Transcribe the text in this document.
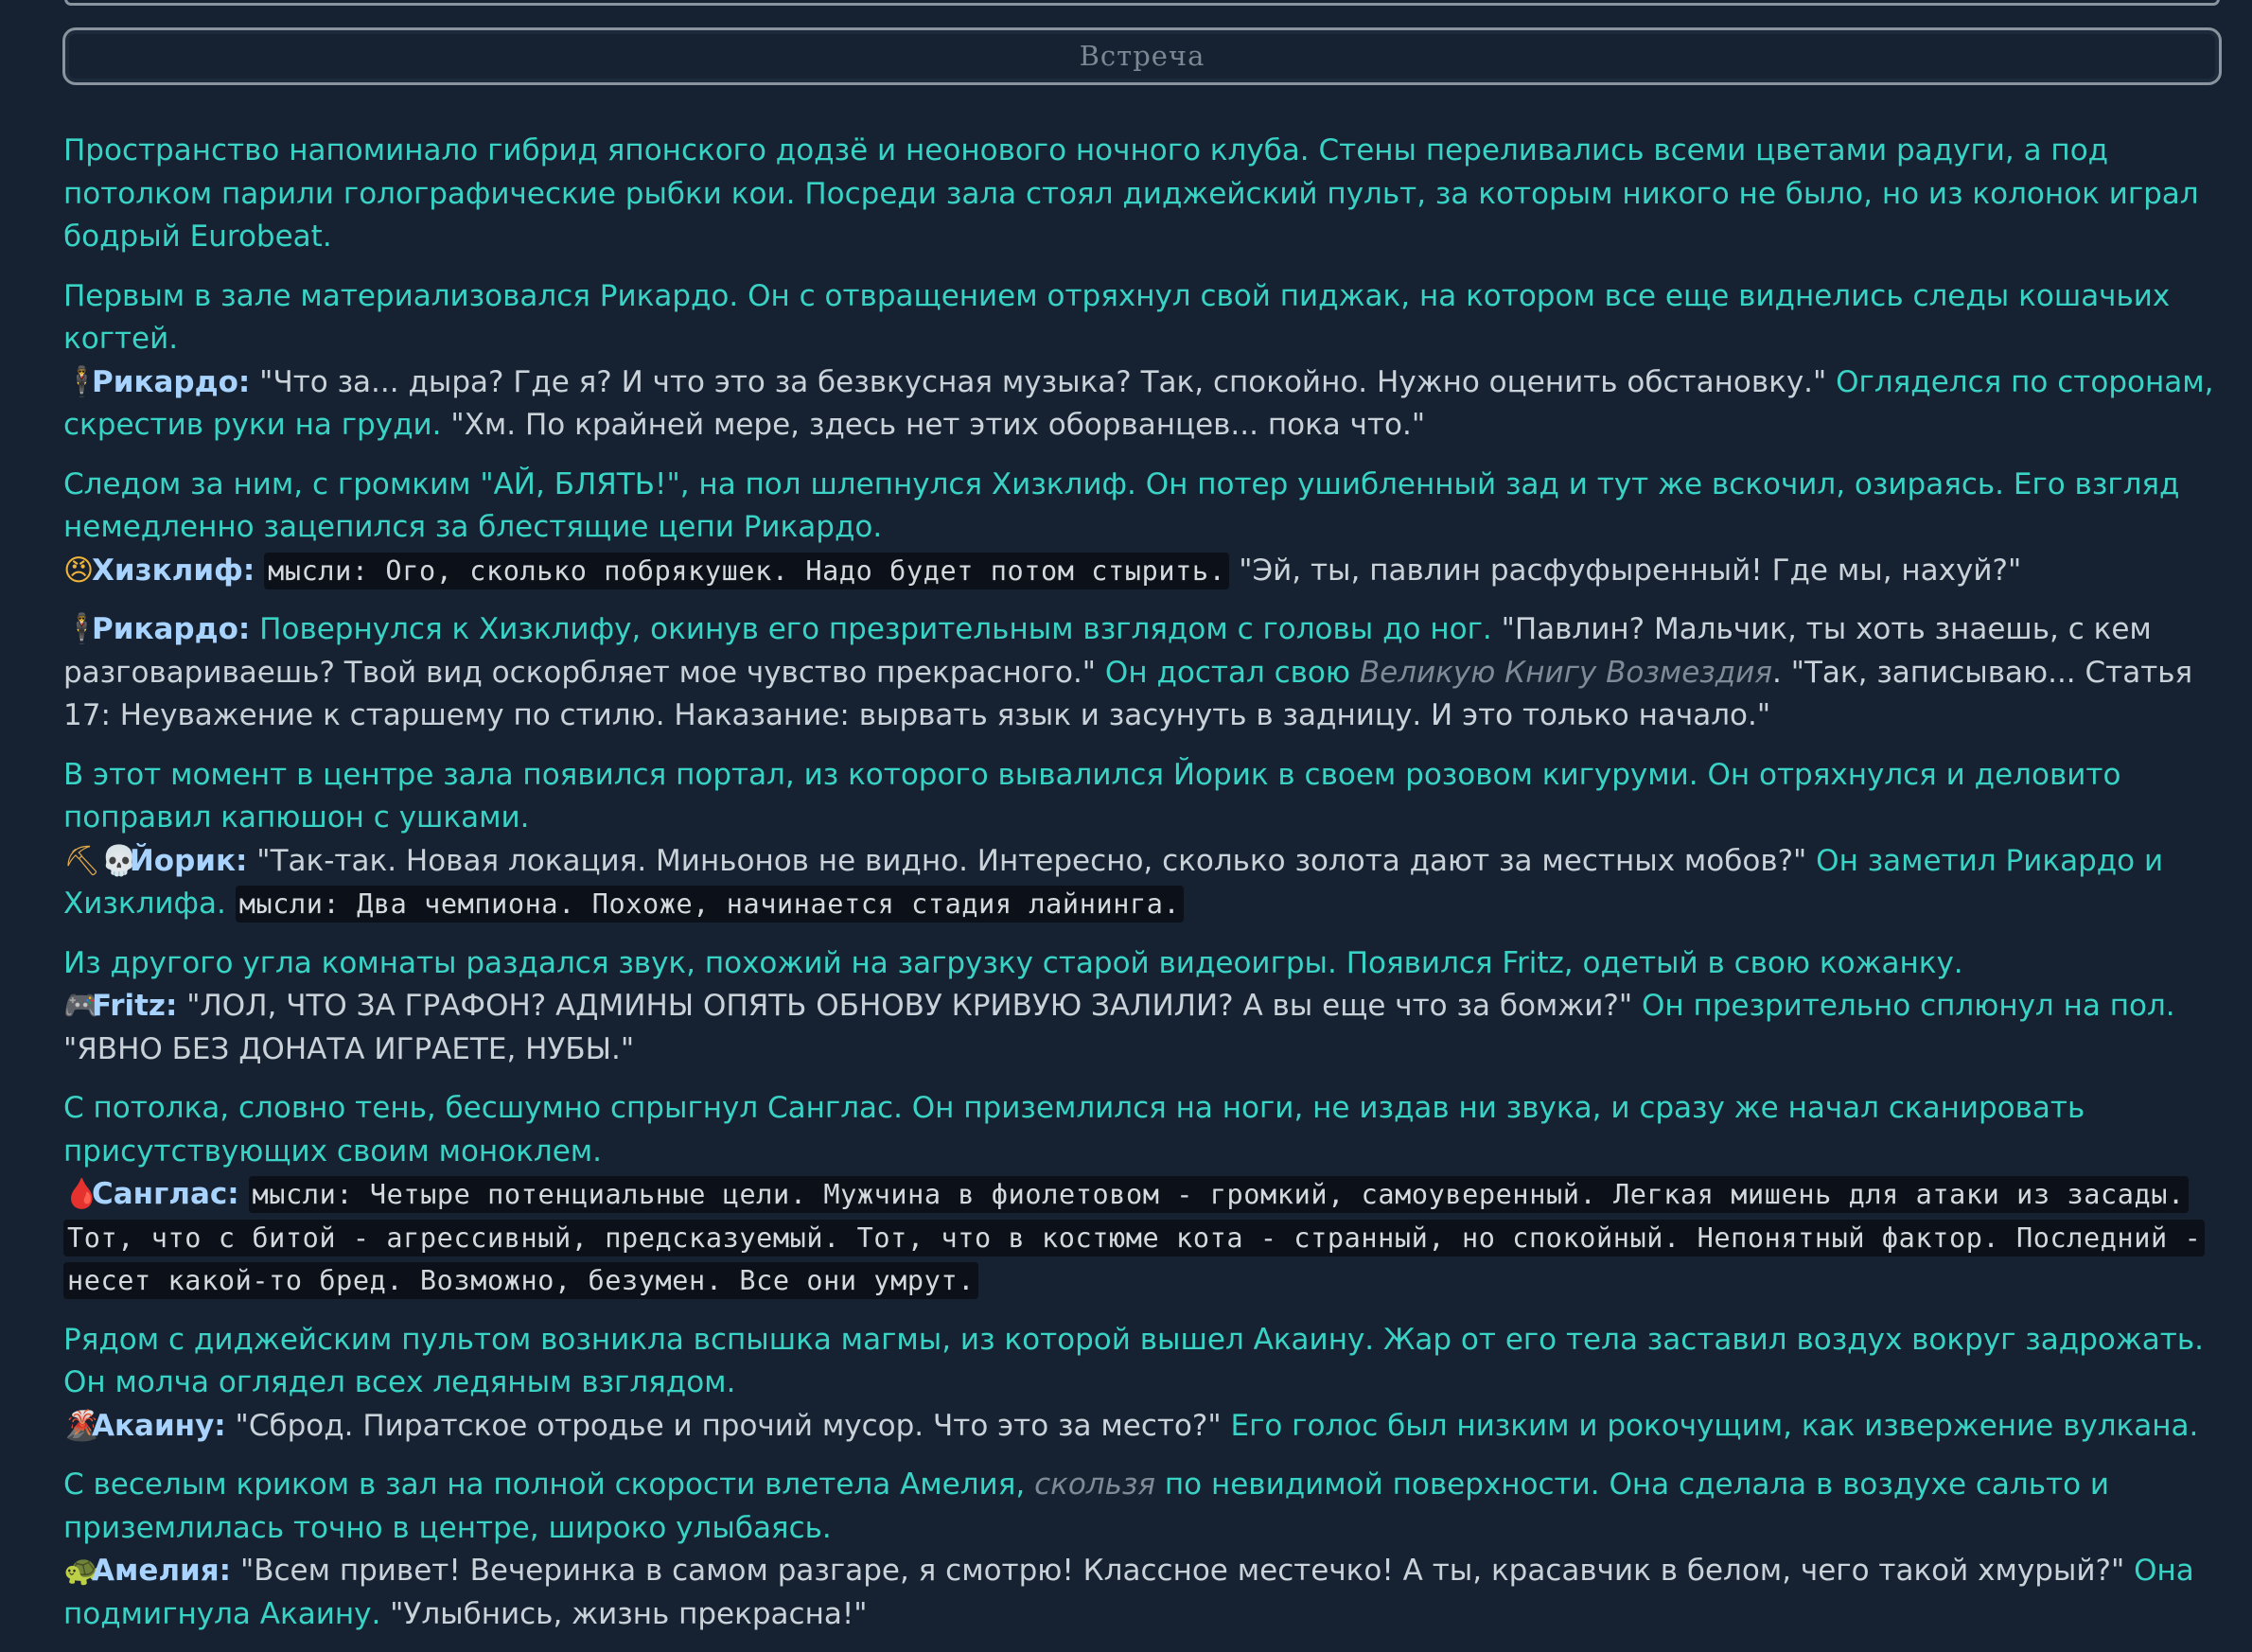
Встреча

Пространство напоминало гибрид японского додзё и неонового ночного клуба. Стены переливались всеми цветами радуги, а под потолком парили голографические рыбки кои. Посреди зала стоял диджейский пульт, за которым никого не было, но из колонок играл бодрый Eurobeat.

Первым в зале материализовался Рикардо. Он с отвращением отряхнул свой пиджак, на котором все еще виднелись следы кошачьих когтей.
🕴Рикардо: "Что за... дыра? Где я? И что это за безвкусная музыка? Так, спокойно. Нужно оценить обстановку." Огляделся по сторонам, скрестив руки на груди. "Хм. По крайней мере, здесь нет этих оборванцев... пока что."

Следом за ним, с громким "АЙ, БЛЯТЬ!", на пол шлепнулся Хизклиф. Он потер ушибленный зад и тут же вскочил, озираясь. Его взгляд немедленно зацепился за блестящие цепи Рикардо.
😠Хизклиф: мысли: Ого, сколько побрякушек. Надо будет потом стырить. "Эй, ты, павлин расфуфыренный! Где мы, нахуй?"

🕴Рикардо: Повернулся к Хизклифу, окинув его презрительным взглядом с головы до ног. "Павлин? Мальчик, ты хоть знаешь, с кем разговариваешь? Твой вид оскорбляет мое чувство прекрасного." Он достал свою Великую Книгу Возмездия. "Так, записываю... Статья 17: Неуважение к старшему по стилю. Наказание: вырвать язык и засунуть в задницу. И это только начало."

В этот момент в центре зала появился портал, из которого вывалился Йорик в своем розовом кигуруми. Он отряхнулся и деловито поправил капюшон с ушками.
⛏ 💀Йорик: "Так-так. Новая локация. Миньонов не видно. Интересно, сколько золота дают за местных мобов?" Он заметил Рикардо и Хизклифа. мысли: Два чемпиона. Похоже, начинается стадия лайнинга.

Из другого угла комнаты раздался звук, похожий на загрузку старой видеоигры. Появился Fritz, одетый в свою кожанку.
🎮Fritz: "ЛОЛ, ЧТО ЗА ГРАФОН? АДМИНЫ ОПЯТЬ ОБНОВУ КРИВУЮ ЗАЛИЛИ? А вы еще что за бомжи?" Он презрительно сплюнул на пол. "ЯВНО БЕЗ ДОНАТА ИГРАЕТЕ, НУБЫ."

С потолка, словно тень, бесшумно спрыгнул Санглас. Он приземлился на ноги, не издав ни звука, и сразу же начал сканировать присутствующих своим моноклем.
🩸Санглас: мысли: Четыре потенциальные цели. Мужчина в фиолетовом - громкий, самоуверенный. Легкая мишень для атаки из засады. Тот, что с битой - агрессивный, предсказуемый. Тот, что в костюме кота - странный, но спокойный. Непонятный фактор. Последний - несет какой-то бред. Возможно, безумен. Все они умрут.

Рядом с диджейским пультом возникла вспышка магмы, из которой вышел Акаину. Жар от его тела заставил воздух вокруг задрожать. Он молча оглядел всех ледяным взглядом.
🌋Акаину: "Сброд. Пиратское отродье и прочий мусор. Что это за место?" Его голос был низким и рокочущим, как извержение вулкана.

С веселым криком в зал на полной скорости влетела Амелия, скользя по невидимой поверхности. Она сделала в воздухе сальто и приземлилась точно в центре, широко улыбаясь.
🐢Амелия: "Всем привет! Вечеринка в самом разгаре, я смотрю! Классное местечко! А ты, красавчик в белом, чего такой хмурый?" Она подмигнула Акаину. "Улыбнись, жизнь прекрасна!"
